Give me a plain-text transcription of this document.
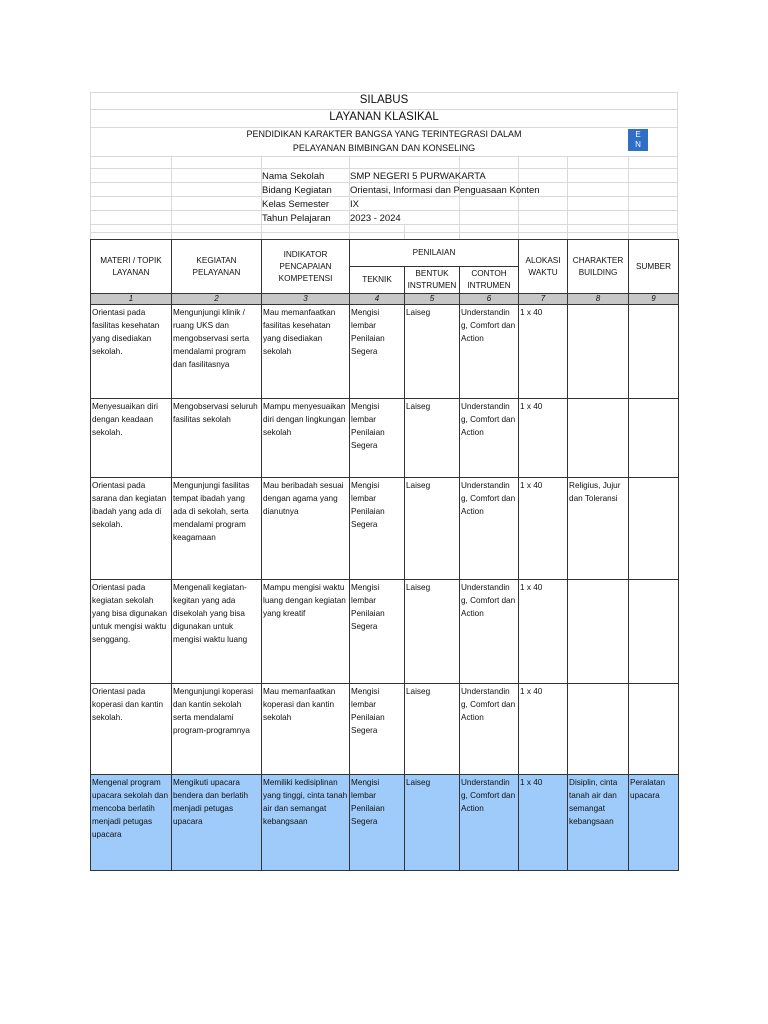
SILABUS
LAYANAN KLASIKAL
PENDIDIKAN KARAKTER BANGSA YANG TERINTEGRASI DALAM
PELAYANAN BIMBINGAN DAN KONSELING
E
N
Nama Sekolah	SMP NEGERI 5 PURWAKARTA
Bidang Kegiatan	Orientasi, Informasi dan Penguasaan Konten
Kelas Semester	IX
Tahun Pelajaran	2023 - 2024
MATERI / TOPIK LAYANAN	KEGIATAN PELAYANAN	INDIKATOR PENCAPAIAN KOMPETENSI	PENILAIAN			ALOKASI WAKTU	CHARAKTER BUILDING	SUMBER
			TEKNIK	BENTUK INSTRUMEN	CONTOH INTRUMEN			
1	2	3	4	5	6	7	8	9
Orientasi pada fasilitas kesehatan yang disediakan sekolah.	Mengunjungi klinik / ruang UKS dan mengobservasi serta mendalami program dan fasilitasnya	Mau memanfaatkan fasilitas kesehatan yang disediakan sekolah	Mengisi lembar Penilaian Segera	Laiseg	Understandin g, Comfort dan Action	1 x 40		
Menyesuaikan diri dengan keadaan sekolah.	Mengobservasi seluruh fasilitas sekolah	Mampu menyesuaikan diri dengan lingkungan sekolah	Mengisi lembar Penilaian Segera	Laiseg	Understandin g, Comfort dan Action	1 x 40		
Orientasi pada sarana dan kegiatan ibadah yang ada di sekolah.	Mengunjungi fasilitas tempat ibadah yang ada di sekolah, serta mendalami program keagamaan	Mau beribadah sesuai dengan agama yang dianutnya	Mengisi lembar Penilaian Segera	Laiseg	Understandin g, Comfort dan Action	1 x 40	Religius, Jujur dan Toleransi	
Orientasi pada kegiatan sekolah yang bisa digunakan untuk mengisi waktu senggang.	Mengenali kegiatan-kegitan yang ada disekolah yang bisa digunakan untuk mengisi waktu luang	Mampu mengisi waktu luang dengan kegiatan yang kreatif	Mengisi lembar Penilaian Segera	Laiseg	Understandin g, Comfort dan Action	1 x 40		
Orientasi pada koperasi dan kantin sekolah.	Mengunjungi koperasi dan kantin sekolah serta mendalami program-programnya	Mau memanfaatkan koperasi dan kantin sekolah	Mengisi lembar Penilaian Segera	Laiseg	Understandin g, Comfort dan Action	1 x 40		
Mengenal program upacara sekolah dan mencoba berlatih menjadi petugas upacara	Mengikuti upacara bendera dan berlatih menjadi petugas upacara	Memiliki kedisiplinan yang tinggi, cinta tanah air dan semangat kebangsaan	Mengisi lembar Penilaian Segera	Laiseg	Understandin g, Comfort dan Action	1 x 40	Disiplin, cinta tanah air dan semangat kebangsaan	Peralatan upacara
